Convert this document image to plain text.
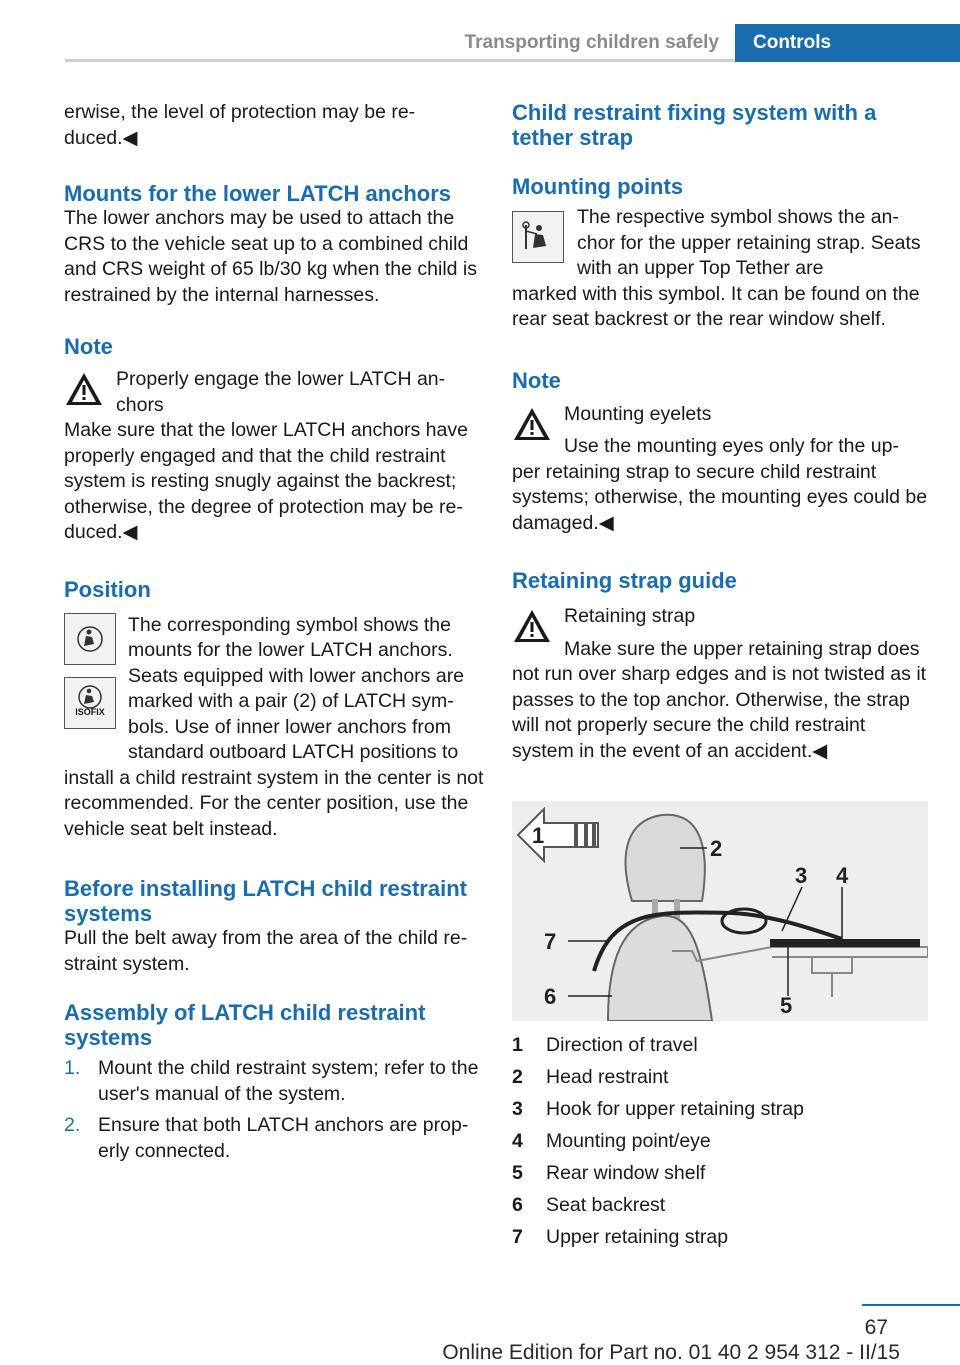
Transporting children safely	Controls

erwise, the level of protection may be re-duced.◀

Mounts for the lower LATCH anchors

The lower anchors may be used to attach the CRS to the vehicle seat up to a combined child and CRS weight of 65 lb/30 kg when the child is restrained by the internal harnesses.

Note

Properly engage the lower LATCH an-chors

Make sure that the lower LATCH anchors have properly engaged and that the child restraint system is resting snugly against the backrest; otherwise, the degree of protection may be re-duced.◀

Position
ISOFIX

The corresponding symbol shows the mounts for the lower LATCH anchors. Seats equipped with lower anchors are marked with a pair (2) of LATCH sym-bols. Use of inner lower anchors from standard outboard LATCH positions to

install a child restraint system in the center is not recommended. For the center position, use the vehicle seat belt instead.

Before installing LATCH child restraint systems

Pull the belt away from the area of the child re-straint system.

Assembly of LATCH child restraint systems
1. Mount the child restraint system; refer to the user's manual of the system.
2. Ensure that both LATCH anchors are prop-erly connected.
Child restraint fixing system with a tether strap
Mounting points

The respective symbol shows the an-chor for the upper retaining strap. Seats with an upper Top Tether are

marked with this symbol. It can be found on the rear seat backrest or the rear window shelf.

Note

Mounting eyelets

Use the mounting eyes only for the up-

per retaining strap to secure child restraint systems; otherwise, the mounting eyes could be damaged.◀

Retaining strap guide

Retaining strap

Make sure the upper retaining strap does

not run over sharp edges and is not twisted as it passes to the top anchor. Otherwise, the strap will not properly secure the child restraint system in the event of an accident.◀

1
2
3 4
5
6
7
1	Direction of travel
2	Head restraint
3	Hook for upper retaining strap
4	Mounting point/eye
5	Rear window shelf
6	Seat backrest
7	Upper retaining strap
67
Online Edition for Part no. 01 40 2 954 312 - II/15
